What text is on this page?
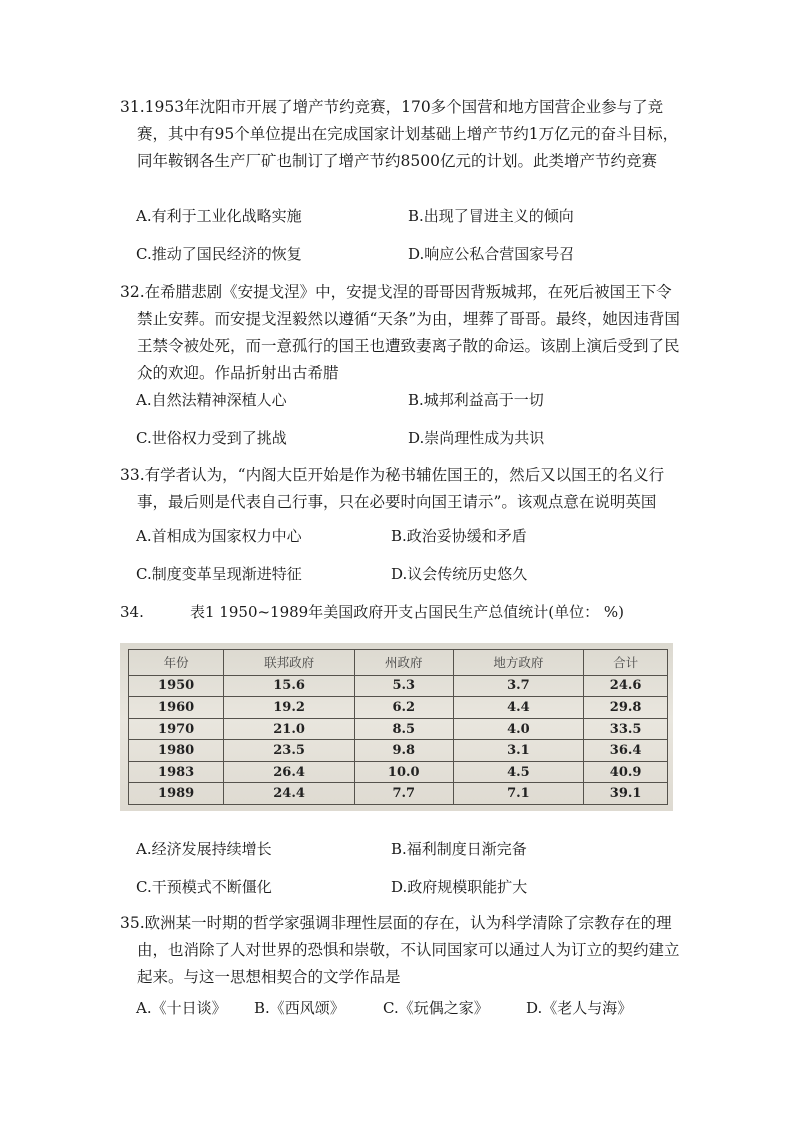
31.1953年沈阳市开展了增产节约竞赛，170多个国营和地方国营企业参与了竞赛，其中有95个单位提出在完成国家计划基础上增产节约1万亿元的奋斗目标，同年鞍钢各生产厂矿也制订了增产节约8500亿元的计划。此类增产节约竞赛
A.有利于工业化战略实施	B.出现了冒进主义的倾向
C.推动了国民经济的恢复	D.响应公私合营国家号召
32.在希腊悲剧《安提戈涅》中，安提戈涅的哥哥因背叛城邦，在死后被国王下令禁止安葬。而安提戈涅毅然以遵循“天条”为由，埋葬了哥哥。最终，她因违背国王禁令被处死，而一意孤行的国王也遭致妻离子散的命运。该剧上演后受到了民众的欢迎。作品折射出古希腊
A.自然法精神深植人心	B.城邦利益高于一切
C.世俗权力受到了挑战	D.崇尚理性成为共识
33.有学者认为，“内阁大臣开始是作为秘书辅佐国王的，然后又以国王的名义行事，最后则是代表自己行事，只在必要时向国王请示”。该观点意在说明英国
A.首相成为国家权力中心	B.政治妥协缓和矛盾
C.制度变革呈现渐进特征	D.议会传统历史悠久
34.	表1 1950~1989年美国政府开支占国民生产总值统计(单位： %)
年份	联邦政府	州政府	地方政府	合计
1950	15.6	5.3	3.7	24.6
1960	19.2	6.2	4.4	29.8
1970	21.0	8.5	4.0	33.5
1980	23.5	9.8	3.1	36.4
1983	26.4	10.0	4.5	40.9
1989	24.4	7.7	7.1	39.1
A.经济发展持续增长	B.福利制度日渐完备
C.干预模式不断僵化	D.政府规模职能扩大
35.欧洲某一时期的哲学家强调非理性层面的存在，认为科学清除了宗教存在的理由，也消除了人对世界的恐惧和崇敬，不认同国家可以通过人为订立的契约建立起来。与这一思想相契合的文学作品是
A.《十日谈》 B.《西风颂》	C.《玩偶之家》 D.《老人与海》
